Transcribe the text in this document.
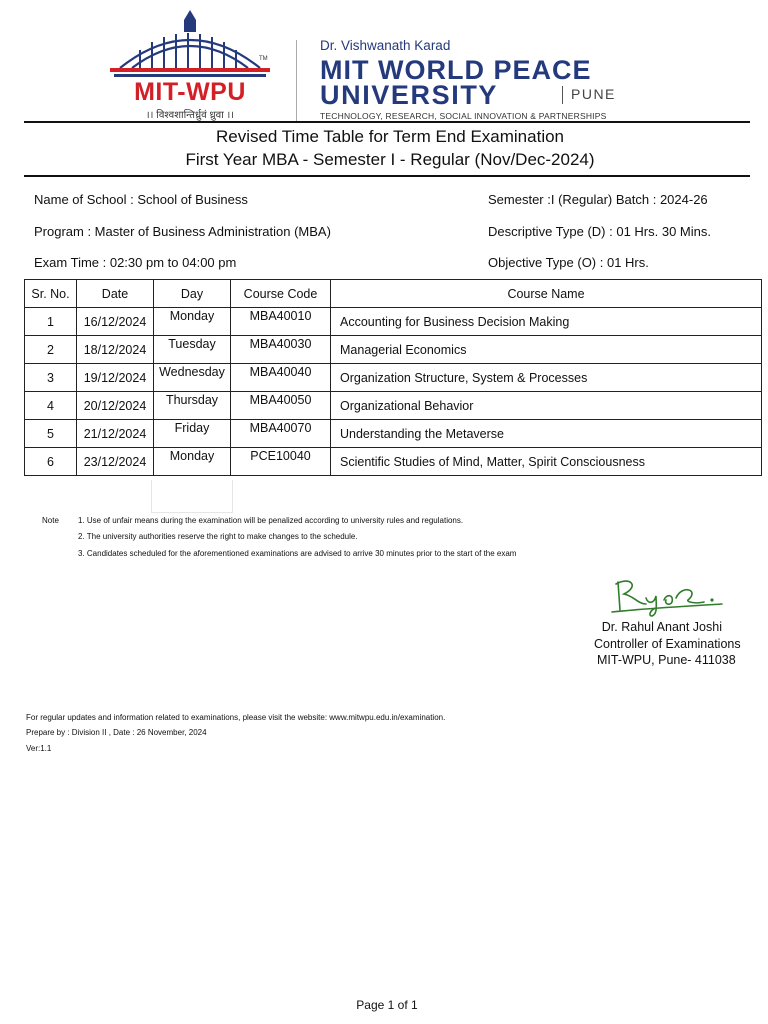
MIT-WPU
TM
।। विश्वशान्तिर्ध्रुवं ध्रुवा ।।
Dr. Vishwanath Karad
MIT WORLD PEACE
UNIVERSITY	PUNE
TECHNOLOGY, RESEARCH, SOCIAL INNOVATION & PARTNERSHIPS
Revised Time Table for Term End Examination
First Year MBA - Semester I - Regular (Nov/Dec-2024)
Name of School : School of Business
Program : Master of Business Administration (MBA)
Exam Time : 02:30 pm to 04:00 pm
Semester :I (Regular) Batch : 2024-26
Descriptive Type (D) : 01 Hrs. 30 Mins.
Objective Type (O) : 01 Hrs.
Sr. No.	Date	Day	Course Code	Course Name
1	16/12/2024	Monday	MBA40010	Accounting for Business Decision Making
2	18/12/2024	Tuesday	MBA40030	Managerial Economics
3	19/12/2024	Wednesday	MBA40040	Organization Structure, System & Processes
4	20/12/2024	Thursday	MBA40050	Organizational Behavior
5	21/12/2024	Friday	MBA40070	Understanding the Metaverse
6	23/12/2024	Monday	PCE10040	Scientific Studies of Mind, Matter, Spirit Consciousness
Note 1. Use of unfair means during the examination will be penalized according to university rules and regulations.
2. The university authorities reserve the right to make changes to the schedule.
3. Candidates scheduled for the aforementioned examinations are advised to arrive 30 minutes prior to the start of the exam
Dr. Rahul Anant Joshi
Controller of Examinations
MIT-WPU, Pune- 411038
For regular updates and information related to examinations, please visit the website: www.mitwpu.edu.in/examination.
Prepare by : Division II , Date : 26 November, 2024
Ver:1.1
Page 1 of 1
